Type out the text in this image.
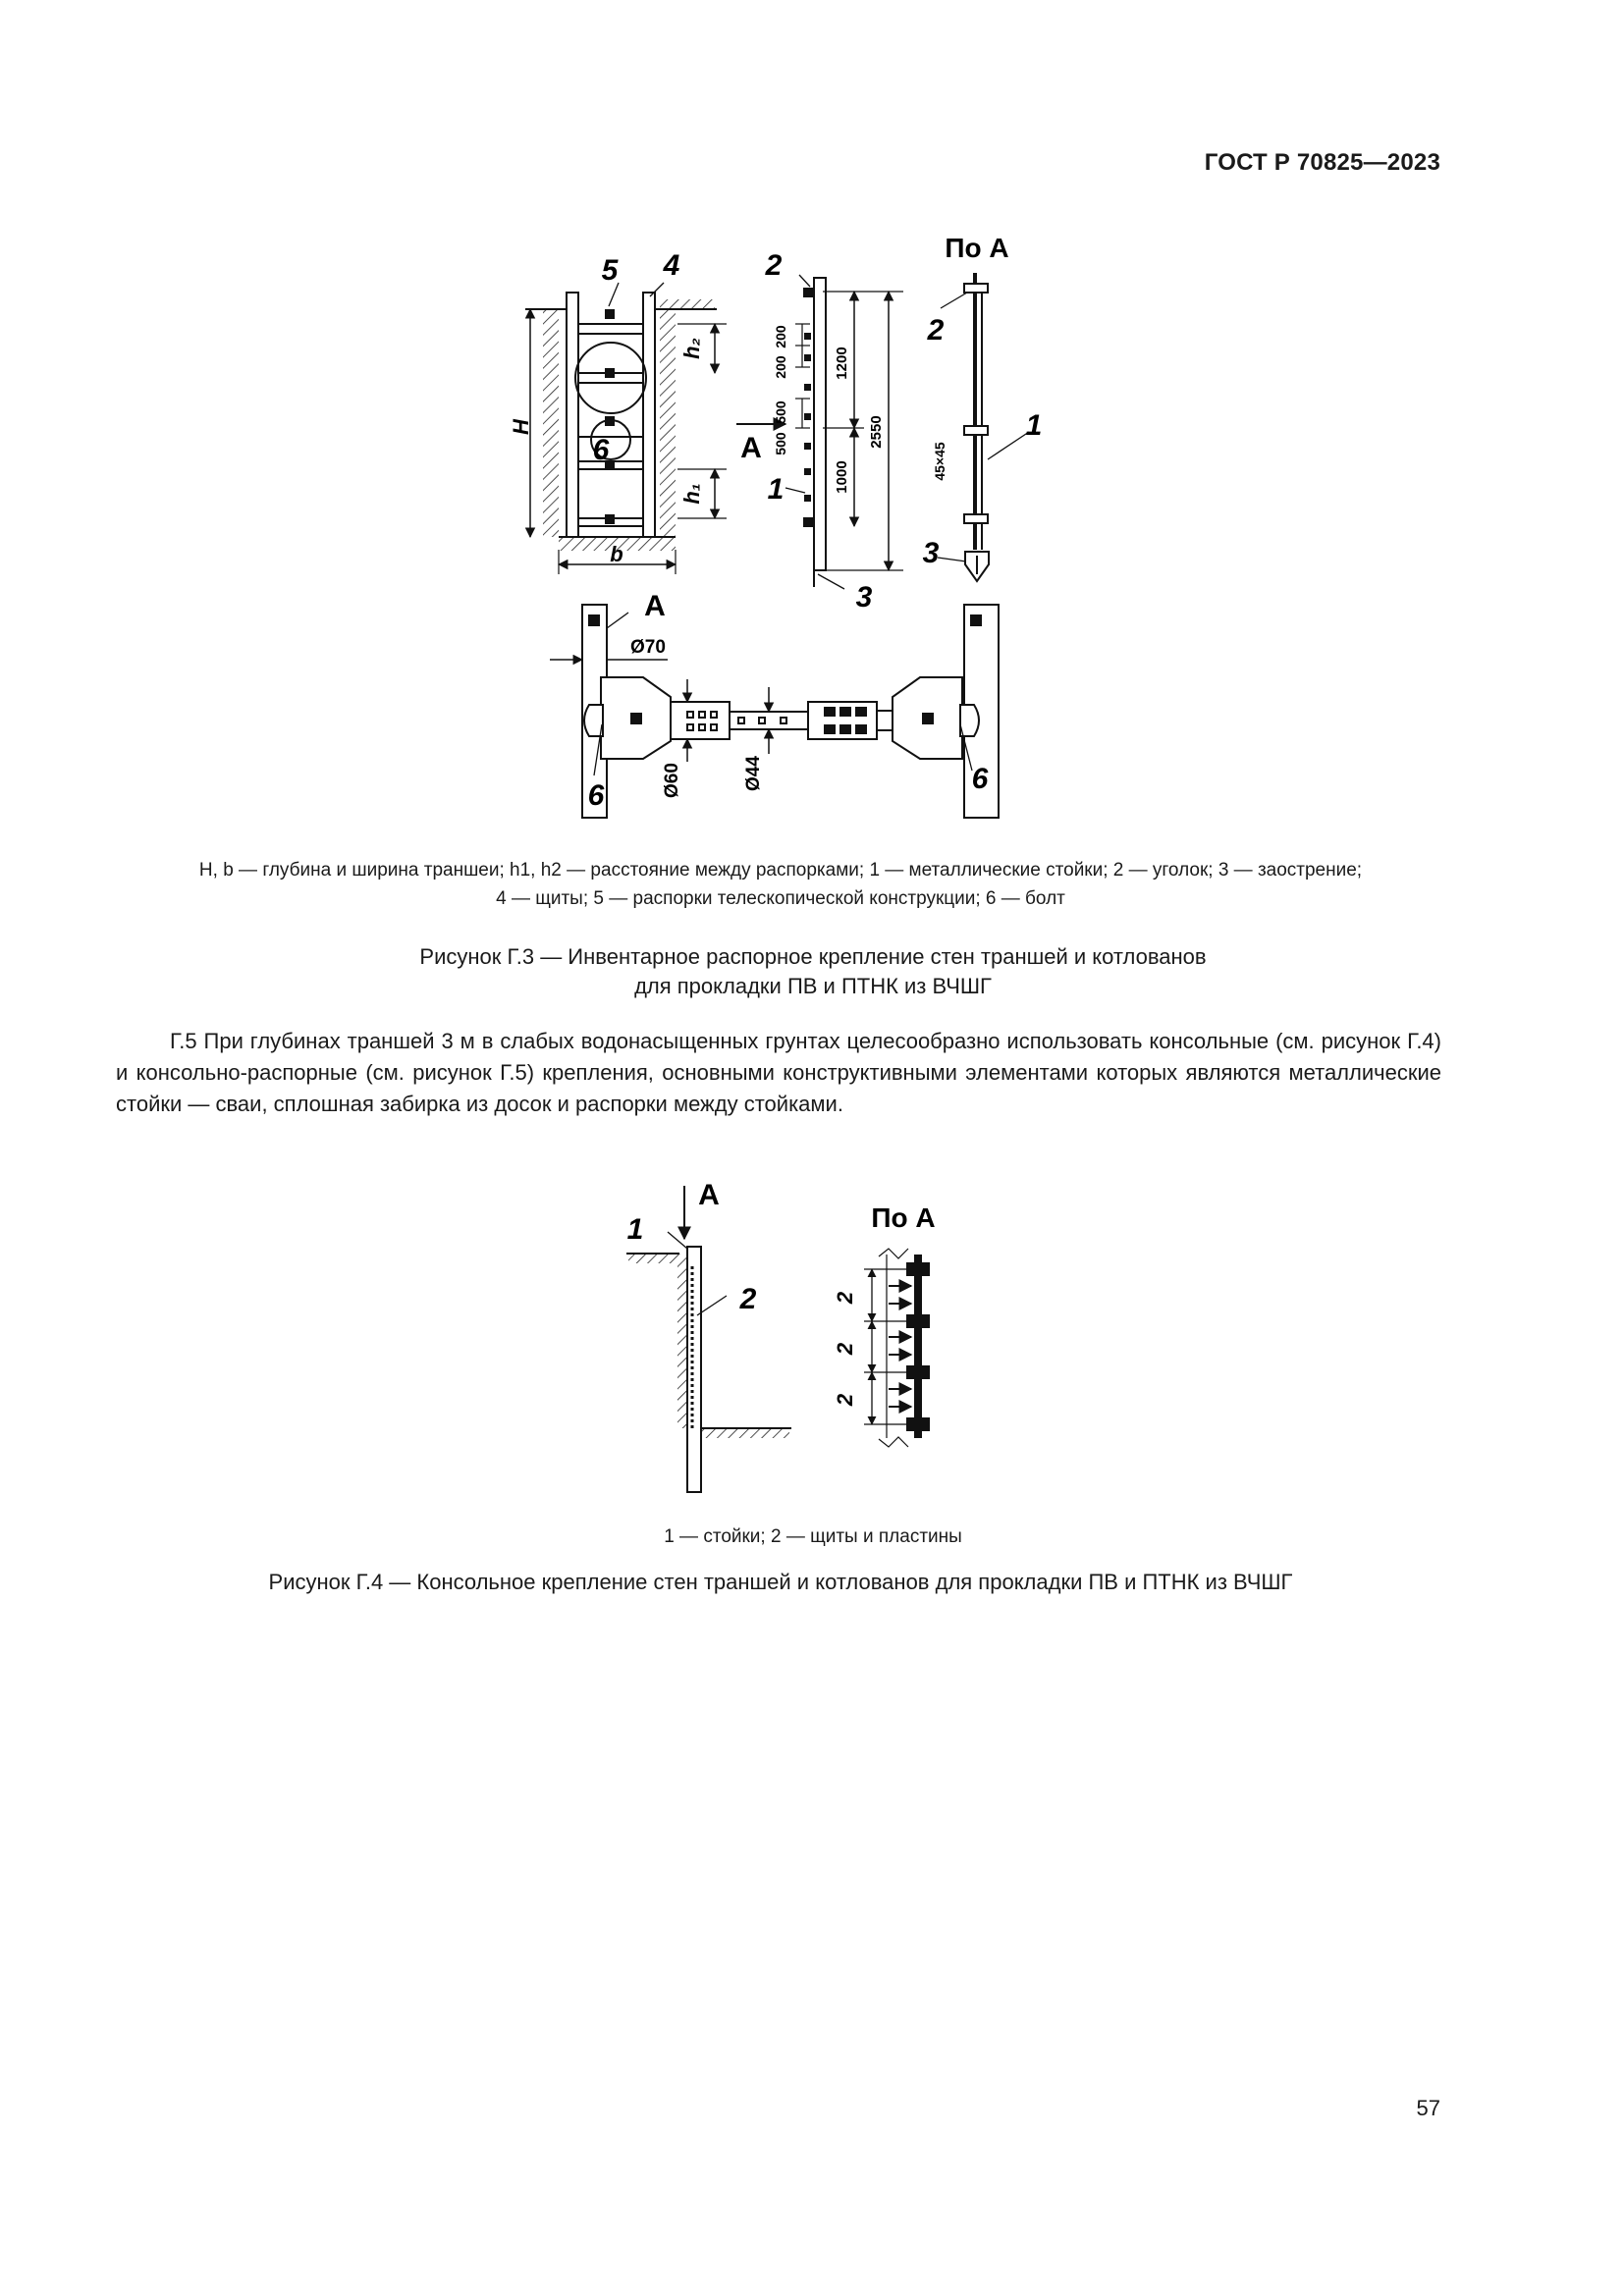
ГОСТ Р 70825—2023
5 4
6
H
b
h₂
h₁
2
1
3
А
200
200
500
500
1200
1000
2550
По А
2
1
3
45×45
А
Ø70
Ø60	Ø44
6
6
H, b — глубина и ширина траншеи; h1, h2 — расстояние между распорками; 1 — металлические стойки; 2 — уголок; 3 — заострение;
4 — щиты; 5 — распорки телескопической конструкции; 6 — болт
Рисунок Г.3 — Инвентарное распорное крепление стен траншей и котлованов
для прокладки ПВ и ПТНК из ВЧШГ
Г.5 При глубинах траншей 3 м в слабых водонасыщенных грунтах целесообразно использовать консольные (см. рисунок Г.4) и консольно-распорные (см. рисунок Г.5) крепления, основными конструктивными элементами которых являются металлические стойки — сваи, сплошная забирка из досок и распорки между стойками.
А
1
2
По А
2
2
2
1 — стойки; 2 — щиты и пластины
Рисунок Г.4 — Консольное крепление стен траншей и котлованов для прокладки ПВ и ПТНК из ВЧШГ
57
